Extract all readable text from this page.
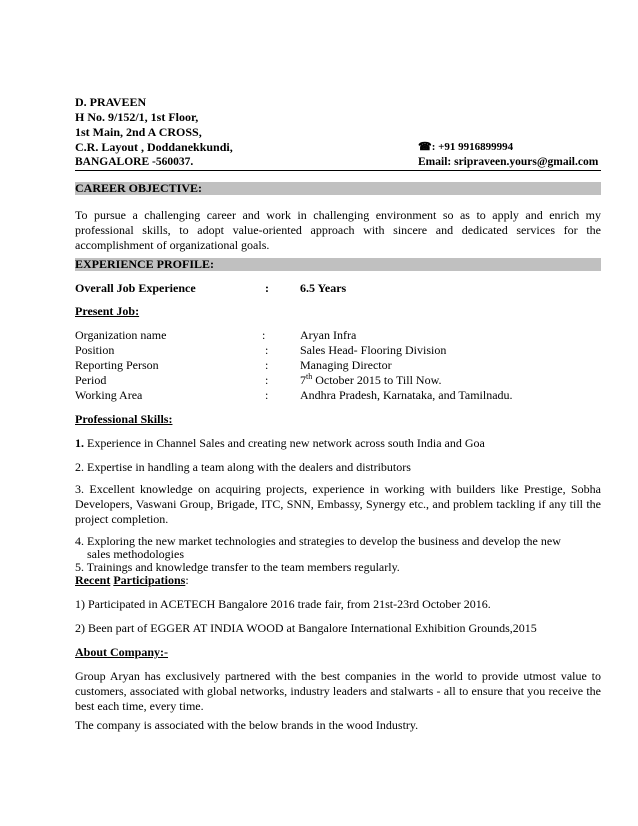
D. PRAVEEN
H No. 9/152/1, 1st Floor,
1st Main, 2nd A CROSS,
C.R. Layout , Doddanekkundi,
BANGALORE -560037.
☎: +91 9916899994
Email: sripraveen.yours@gmail.com
CAREER OBJECTIVE:
To pursue a challenging career and work in challenging environment so as to apply and enrich my professional skills, to adopt value-oriented approach with sincere and dedicated services for the accomplishment of organizational goals.
EXPERIENCE PROFILE:
Overall Job Experience	:	6.5 Years
Present Job:
Organization name	:	Aryan Infra
Position	:	Sales Head- Flooring Division
Reporting Person	:	Managing Director
Period	:	7th October 2015 to Till Now.
Working Area	:	Andhra Pradesh, Karnataka, and Tamilnadu.
Professional Skills:
1. Experience in Channel Sales and creating new network across south India and Goa
2. Expertise in handling a team along with the dealers and distributors
3. Excellent knowledge on acquiring projects, experience in working with builders like Prestige, Sobha Developers, Vaswani Group, Brigade, ITC, SNN, Embassy, Synergy etc., and problem tackling if any till the project completion.
4. Exploring the new market technologies and strategies to develop the business and develop the new
sales methodologies
5. Trainings and knowledge transfer to the team members regularly.
Recent Participations:
1) Participated in ACETECH Bangalore 2016 trade fair, from 21st-23rd October 2016.
2) Been part of EGGER AT INDIA WOOD at Bangalore International Exhibition Grounds,2015
About Company:-
Group Aryan has exclusively partnered with the best companies in the world to provide utmost value to customers, associated with global networks, industry leaders and stalwarts - all to ensure that you receive the best each time, every time.
The company is associated with the below brands in the wood Industry.
